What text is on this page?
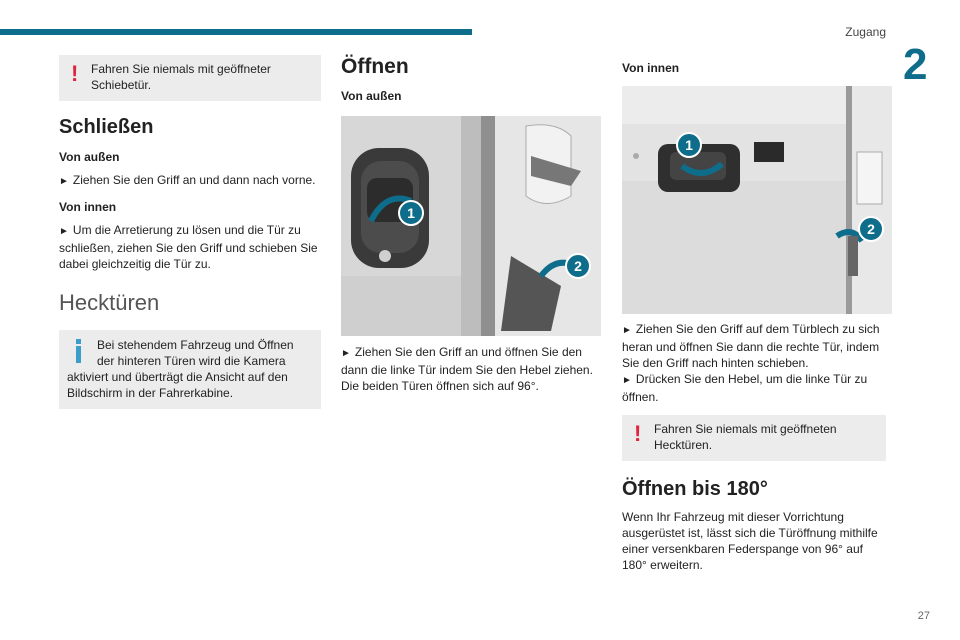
Zugang
2
! Fahren Sie niemals mit geöffneter Schiebetür.
Schließen
Von außen

► Ziehen Sie den Griff an und dann nach vorne.

Von innen

► Um die Arretierung zu lösen und die Tür zu schließen, ziehen Sie den Griff und schieben Sie dabei gleichzeitig die Tür zu.

Hecktüren
Bei stehendem Fahrzeug und Öffnen der hinteren Türen wird die Kamera aktiviert und überträgt die Ansicht auf den Bildschirm in der Fahrerkabine.
Öffnen
Von außen
1
2

► Ziehen Sie den Griff an und öffnen Sie den dann die linke Tür indem Sie den Hebel ziehen.

Die beiden Türen öffnen sich auf 96°.

Von innen
1
2

► Ziehen Sie den Griff auf dem Türblech zu sich heran und öffnen Sie dann die rechte Tür, indem Sie den Griff nach hinten schieben.

► Drücken Sie den Hebel, um die linke Tür zu öffnen.

! Fahren Sie niemals mit geöffneten Hecktüren.
Öffnen bis 180°

Wenn Ihr Fahrzeug mit dieser Vorrichtung ausgerüstet ist, lässt sich die Türöffnung mithilfe einer versenkbaren Federspange von 96° auf 180° erweitern.

27
